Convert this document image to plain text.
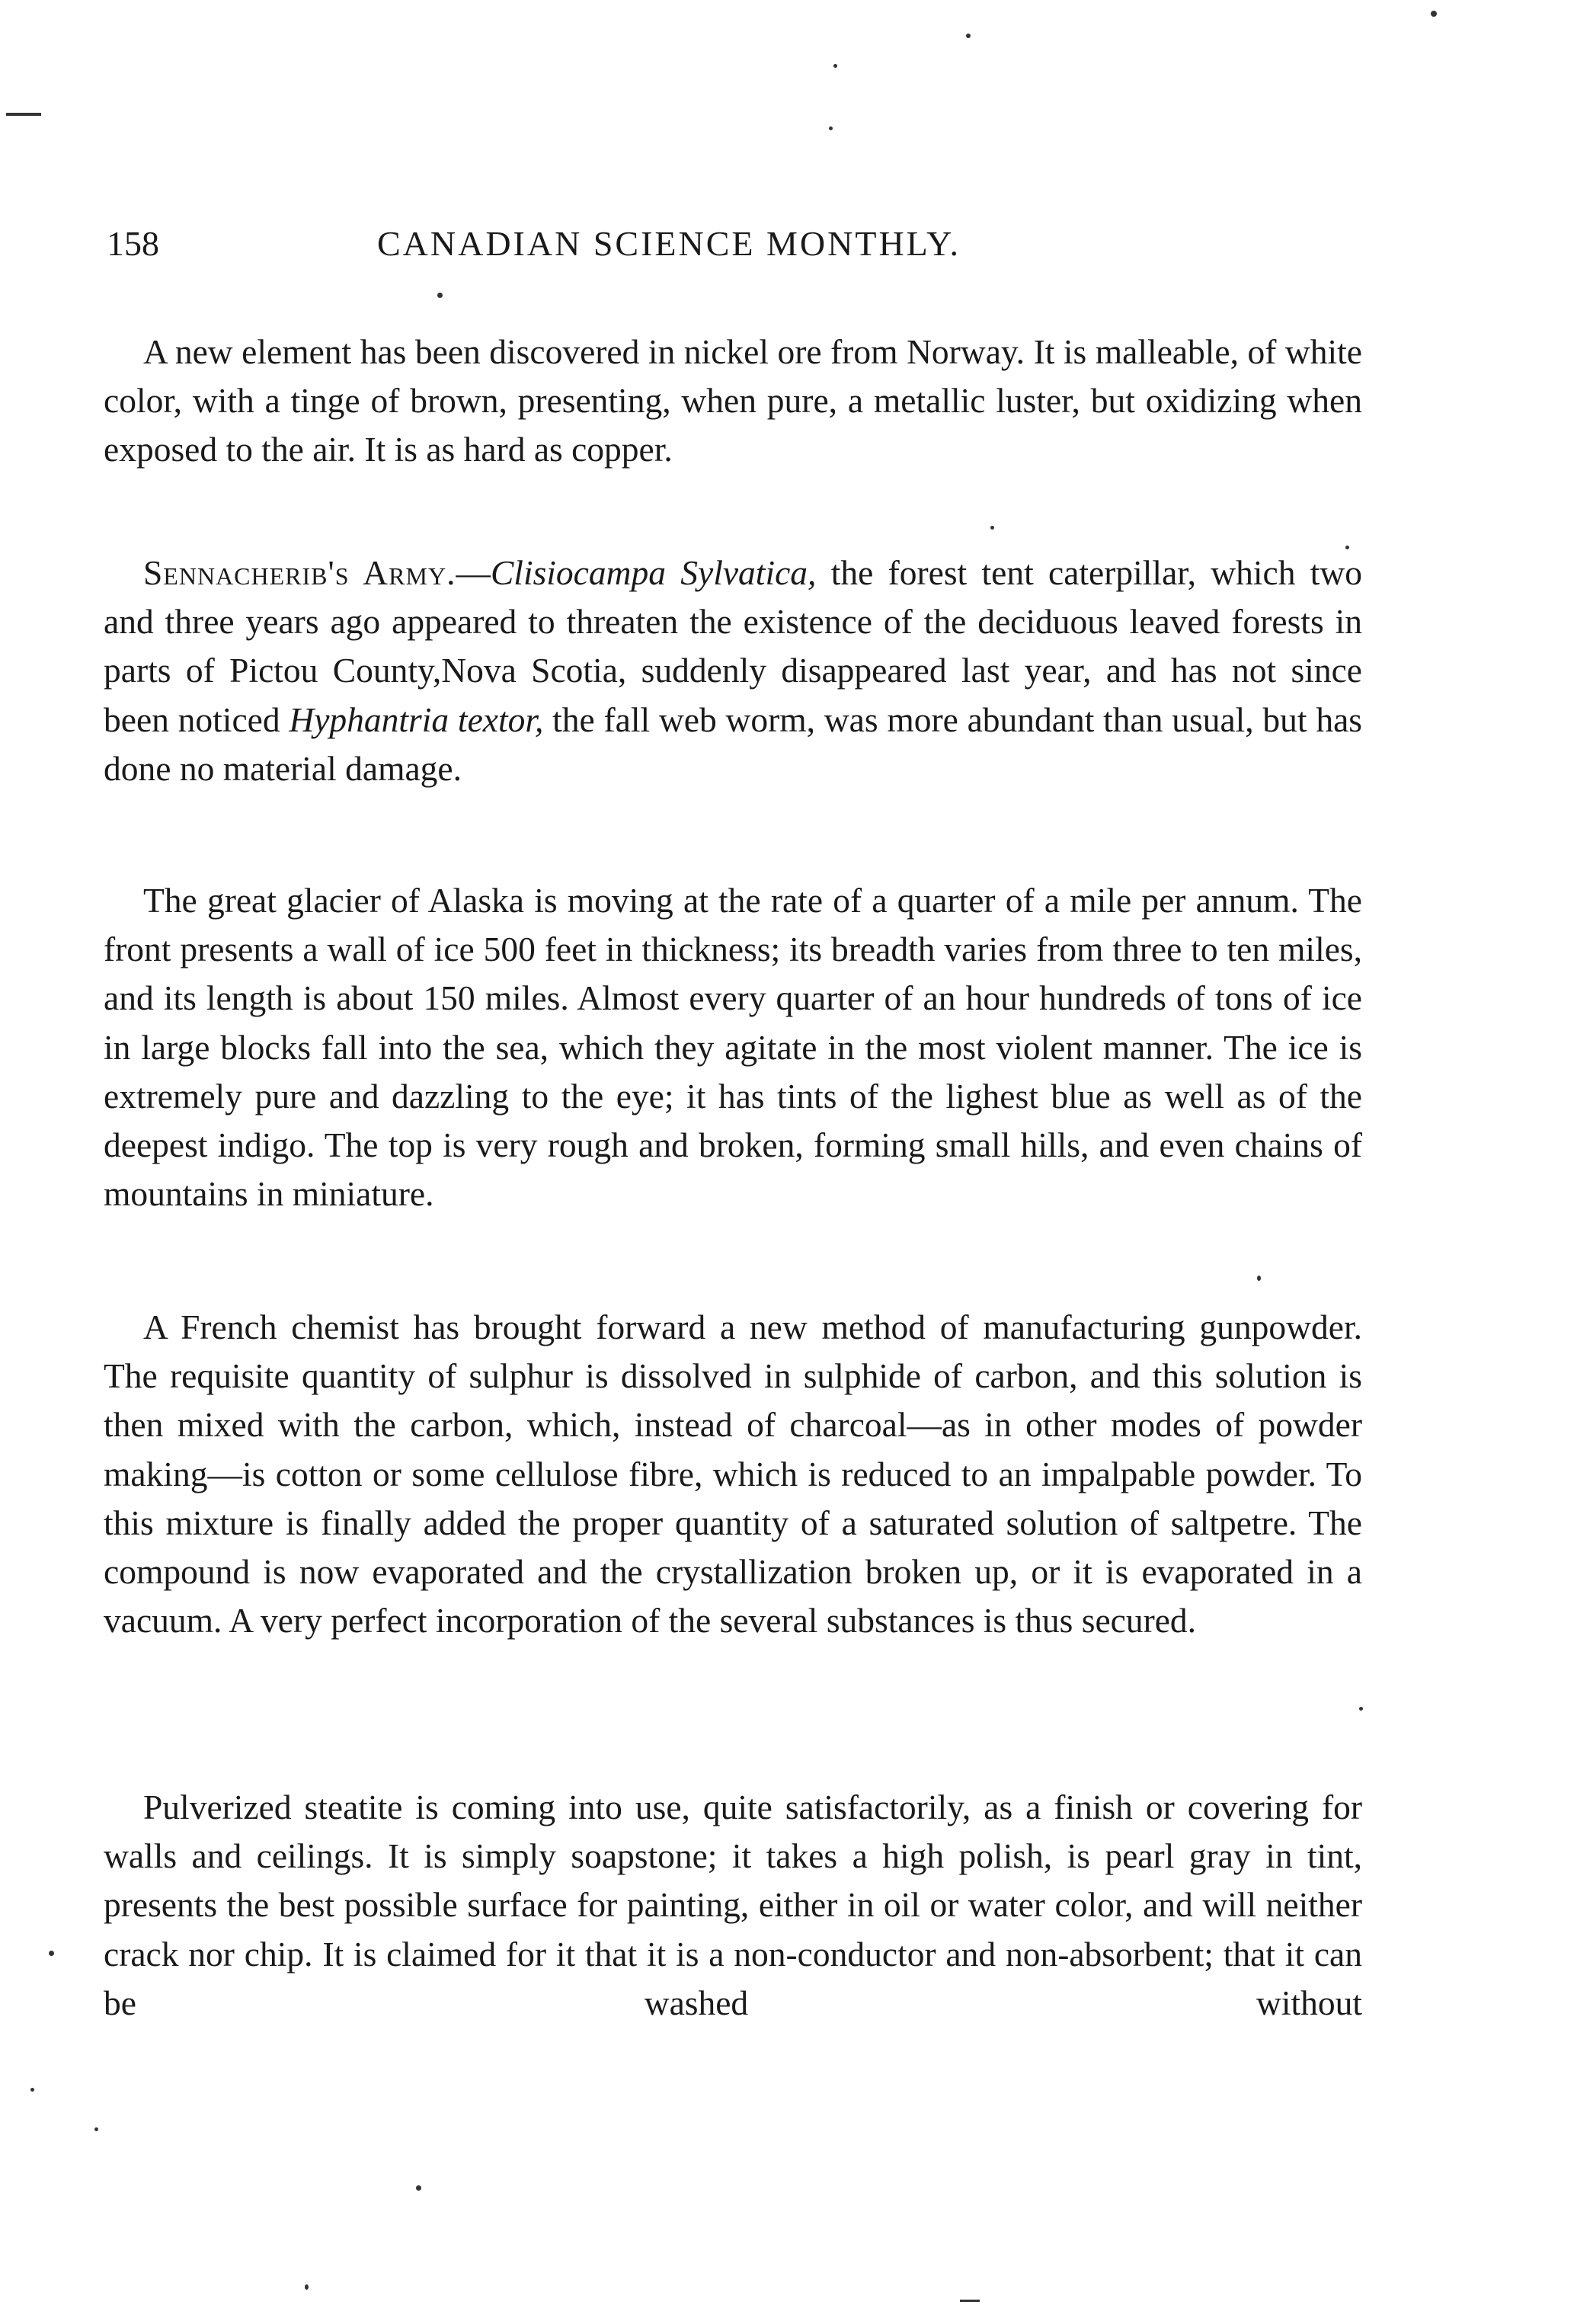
158	CANADIAN SCIENCE MONTHLY.

A new element has been discovered in nickel ore from Norway. It is malleable, of white color, with a tinge of brown, presenting, when pure, a metallic luster, but oxidizing when exposed to the air. It is as hard as copper.

Sennacherib's Army.—Clisiocampa Sylvatica, the forest tent caterpillar, which two and three years ago appeared to threaten the existence of the deciduous leaved forests in parts of Pictou County,Nova Scotia, suddenly disappeared last year, and has not since been noticed Hyphantria textor, the fall web worm, was more abundant than usual, but has done no material damage.

The great glacier of Alaska is moving at the rate of a quarter of a mile per annum. The front presents a wall of ice 500 feet in thickness; its breadth varies from three to ten miles, and its length is about 150 miles. Almost every quarter of an hour hundreds of tons of ice in large blocks fall into the sea, which they agitate in the most violent manner. The ice is extremely pure and dazzling to the eye; it has tints of the lighest blue as well as of the deepest indigo. The top is very rough and broken, forming small hills, and even chains of mountains in miniature.

A French chemist has brought forward a new method of manufacturing gunpowder. The requisite quantity of sulphur is dissolved in sulphide of carbon, and this solution is then mixed with the carbon, which, instead of charcoal—as in other modes of powder making—is cotton or some cellulose fibre, which is reduced to an impalpable powder. To this mixture is finally added the proper quantity of a saturated solution of saltpetre. The compound is now evaporated and the crystallization broken up, or it is evaporated in a vacuum. A very perfect incorporation of the several substances is thus secured.

Pulverized steatite is coming into use, quite satisfactorily, as a finish or covering for walls and ceilings. It is simply soapstone; it takes a high polish, is pearl gray in tint, presents the best possible surface for painting, either in oil or water color, and will neither crack nor chip. It is claimed for it that it is a non-conductor and non-absorbent; that it can be washed without
